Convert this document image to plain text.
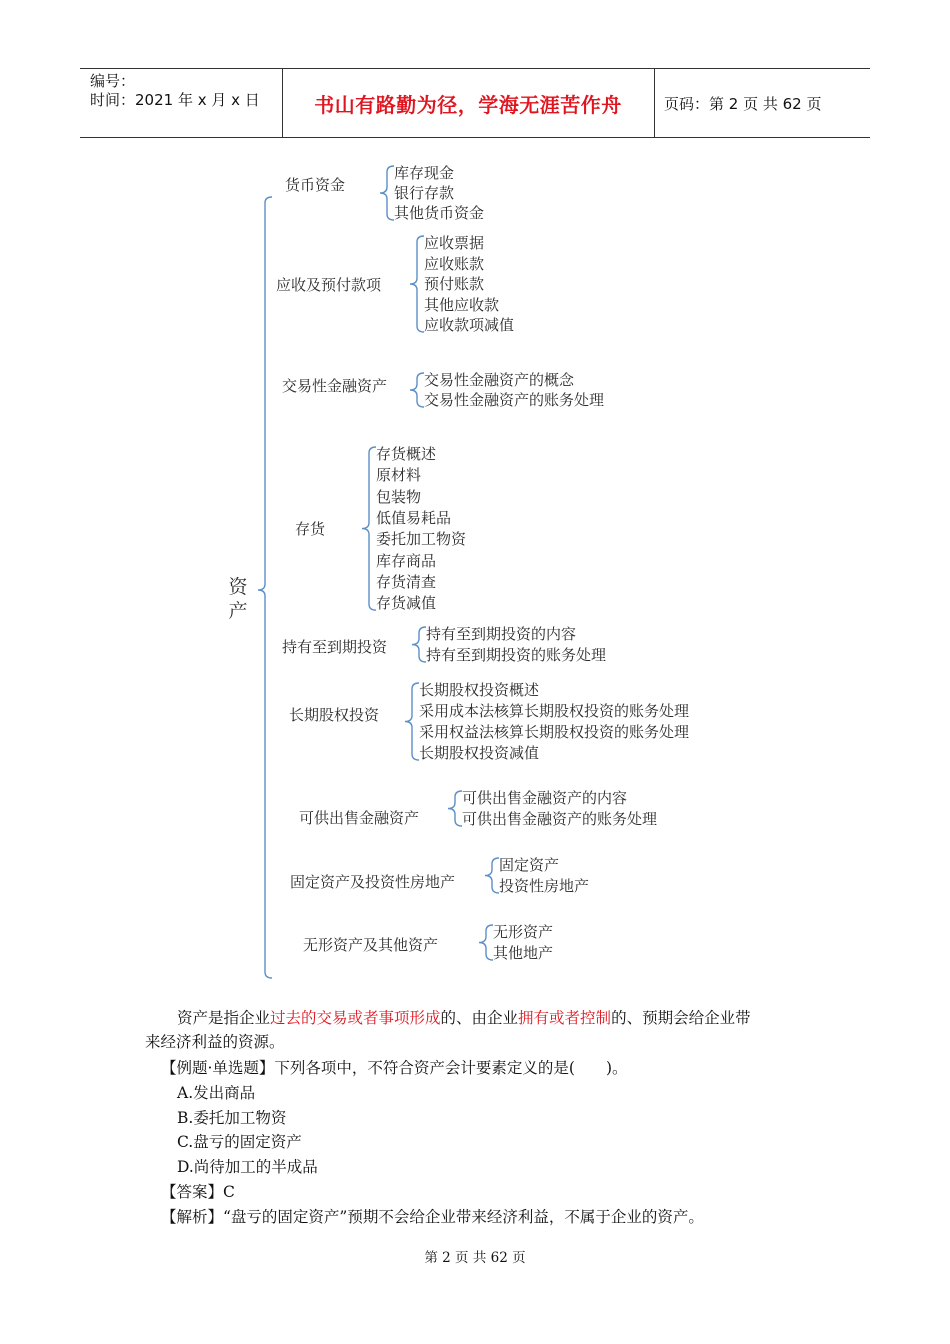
编号：
时间：2021 年 x 月 x 日	书山有路勤为径，学海无涯苦作舟	页码：第 2 页 共 62 页
资产
货币资金
库存现金
银行存款
其他货币资金
应收及预付款项
应收票据
应收账款
预付账款
其他应收款
应收款项减值
交易性金融资产 交易性金融资产的概念
交易性金融资产的账务处理
存货
存货概述
原材料
包装物
低值易耗品
委托加工物资
库存商品
存货清查
存货减值
持有至到期投资
持有至到期投资的内容
持有至到期投资的账务处理
长期股权投资
长期股权投资概述
采用成本法核算长期股权投资的账务处理
采用权益法核算长期股权投资的账务处理
长期股权投资减值
可供出售金融资产
可供出售金融资产的内容
可供出售金融资产的账务处理
固定资产及投资性房地产
固定资产
投资性房地产
无形资产及其他资产
无形资产
其他地产
资产是指企业过去的交易或者事项形成的、由企业拥有或者控制的、预期会给企业带
来经济利益的资源。
【例题·单选题】下列各项中，不符合资产会计要素定义的是(　　)。
A.发出商品
B.委托加工物资
C.盘亏的固定资产
D.尚待加工的半成品
【答案】C
【解析】“盘亏的固定资产”预期不会给企业带来经济利益，不属于企业的资产。
第 2 页 共 62 页
